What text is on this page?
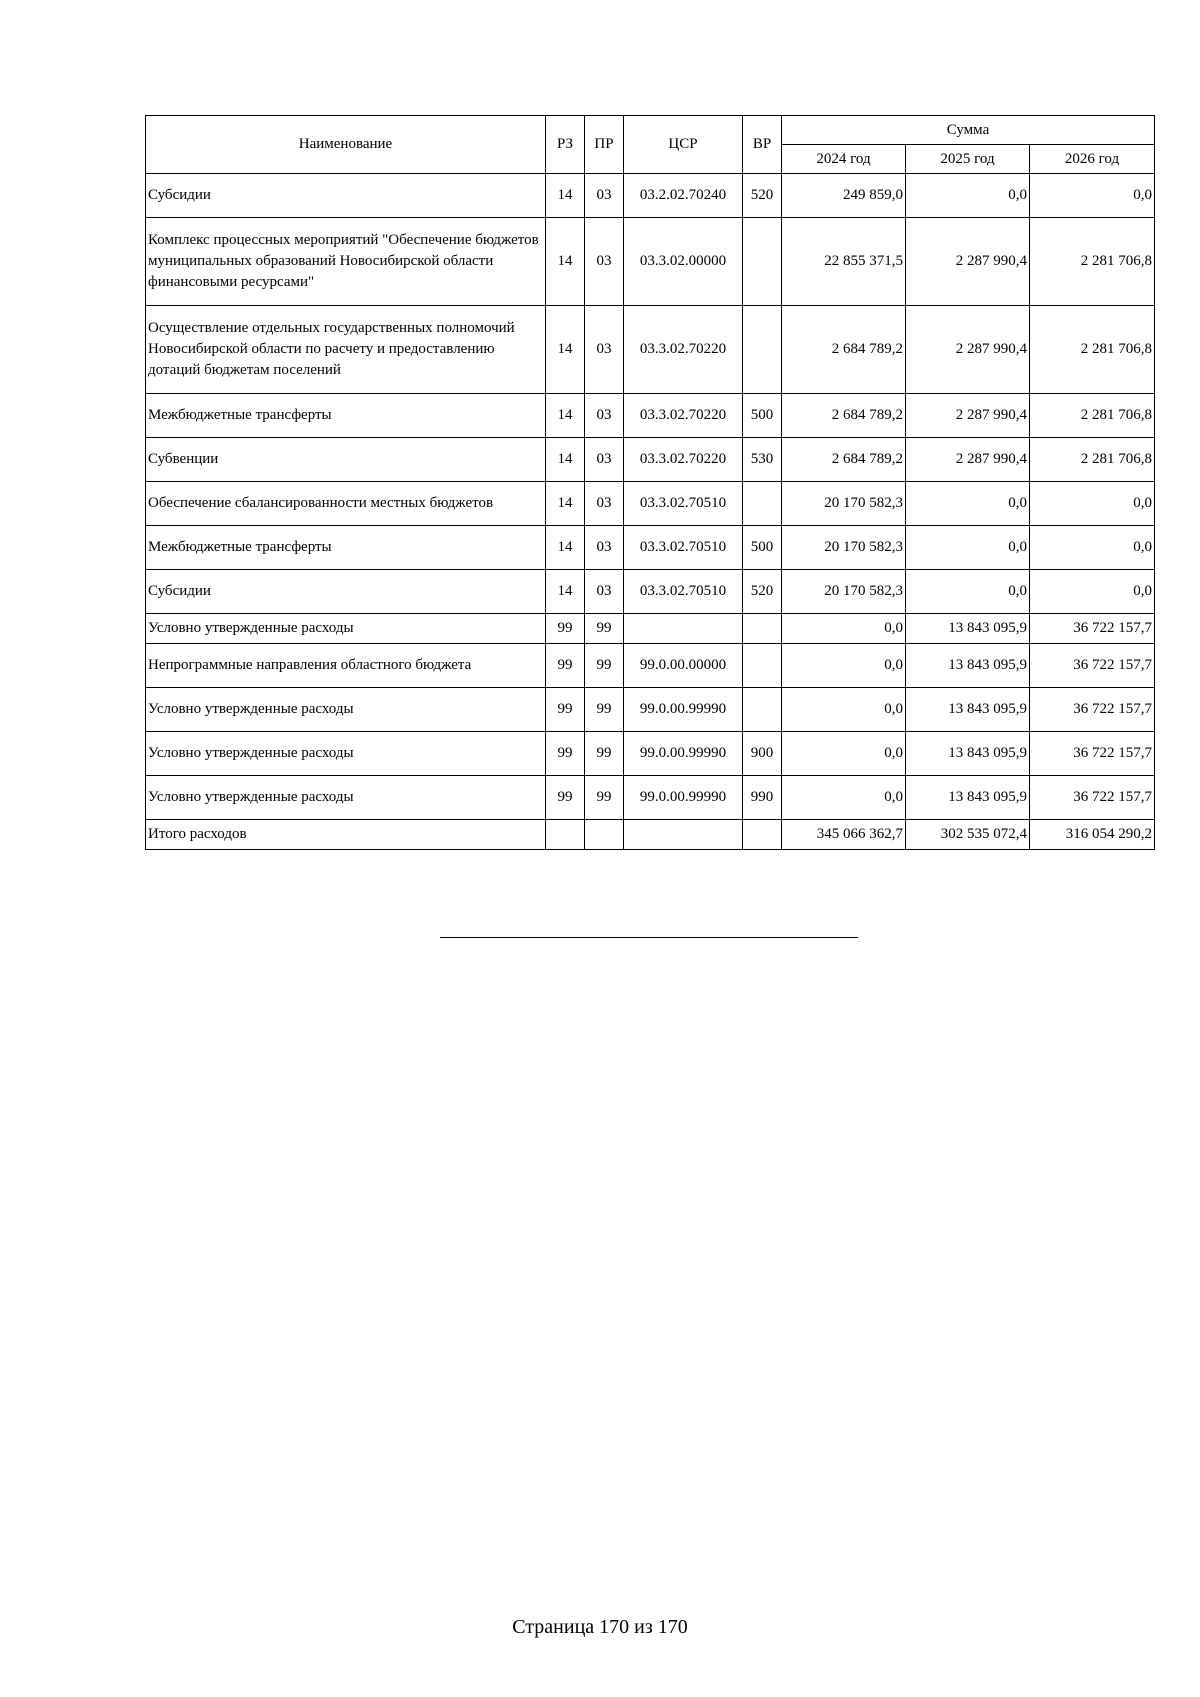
Наименование	РЗ	ПР	ЦСР	ВР	Сумма		
					2024 год	2025 год	2026 год
Субсидии	14	03	03.2.02.70240	520	249 859,0	0,0	0,0
Комплекс процессных мероприятий "Обеспечение бюджетов муниципальных образований Новосибирской области финансовыми ресурсами"	14	03	03.3.02.00000		22 855 371,5	2 287 990,4	2 281 706,8
Осуществление отдельных государственных полномочий Новосибирской области по расчету и предоставлению дотаций бюджетам поселений	14	03	03.3.02.70220		2 684 789,2	2 287 990,4	2 281 706,8
Межбюджетные трансферты	14	03	03.3.02.70220	500	2 684 789,2	2 287 990,4	2 281 706,8
Субвенции	14	03	03.3.02.70220	530	2 684 789,2	2 287 990,4	2 281 706,8
Обеспечение сбалансированности местных бюджетов	14	03	03.3.02.70510		20 170 582,3	0,0	0,0
Межбюджетные трансферты	14	03	03.3.02.70510	500	20 170 582,3	0,0	0,0
Субсидии	14	03	03.3.02.70510	520	20 170 582,3	0,0	0,0
Условно утвержденные расходы	99	99			0,0	13 843 095,9	36 722 157,7
Непрограммные направления областного бюджета	99	99	99.0.00.00000		0,0	13 843 095,9	36 722 157,7
Условно утвержденные расходы	99	99	99.0.00.99990		0,0	13 843 095,9	36 722 157,7
Условно утвержденные расходы	99	99	99.0.00.99990	900	0,0	13 843 095,9	36 722 157,7
Условно утвержденные расходы	99	99	99.0.00.99990	990	0,0	13 843 095,9	36 722 157,7
Итого расходов					345 066 362,7	302 535 072,4	316 054 290,2
Страница 170 из 170
